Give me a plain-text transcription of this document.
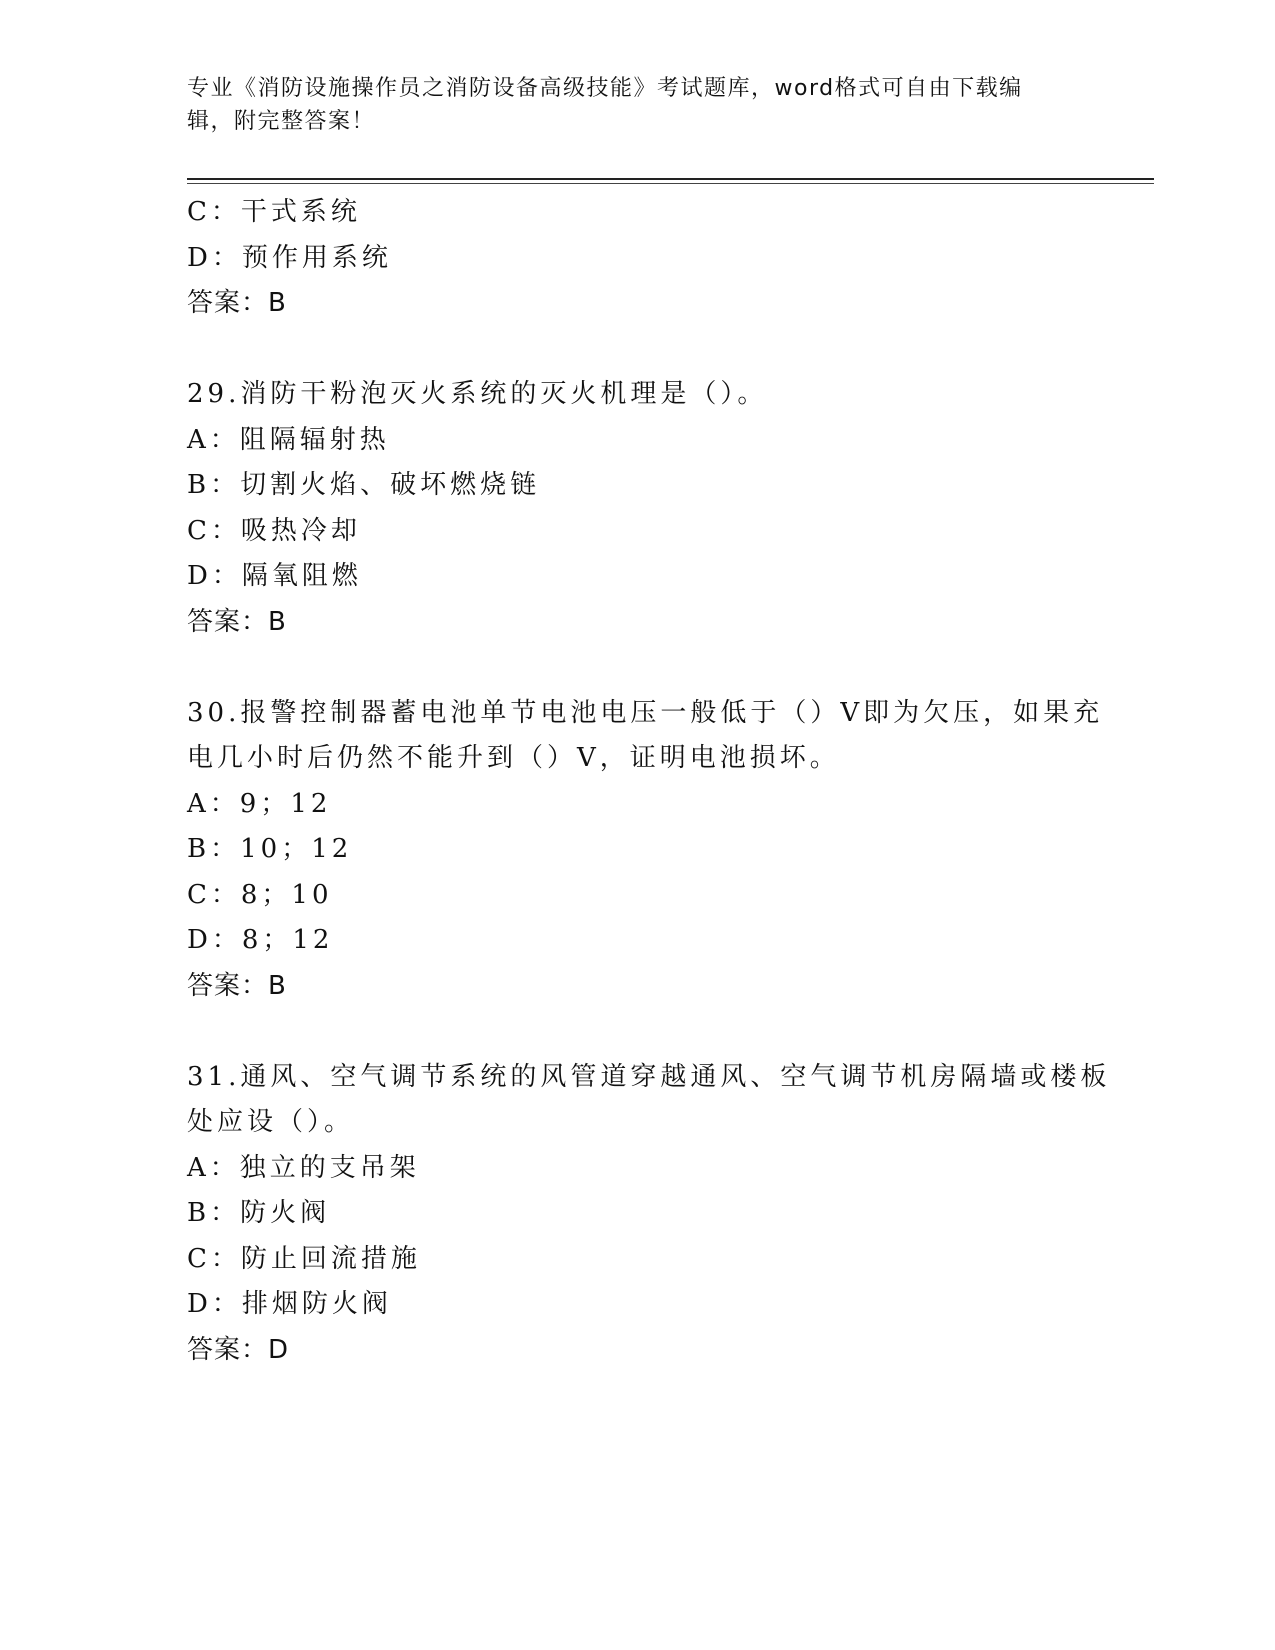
专业《消防设施操作员之消防设备高级技能》考试题库，word格式可自由下载编
辑，附完整答案！
C：干式系统
D：预作用系统
答案：B
29.消防干粉泡灭火系统的灭火机理是（）。
A：阻隔辐射热
B：切割火焰、破坏燃烧链
C：吸热冷却
D：隔氧阻燃
答案：B
30.报警控制器蓄电池单节电池电压一般低于（）V即为欠压，如果充
电几小时后仍然不能升到（）V，证明电池损坏。
A：9；12
B：10；12
C：8；10
D：8；12
答案：B
31.通风、空气调节系统的风管道穿越通风、空气调节机房隔墙或楼板
处应设（）。
A：独立的支吊架
B：防火阀
C：防止回流措施
D：排烟防火阀
答案：D
